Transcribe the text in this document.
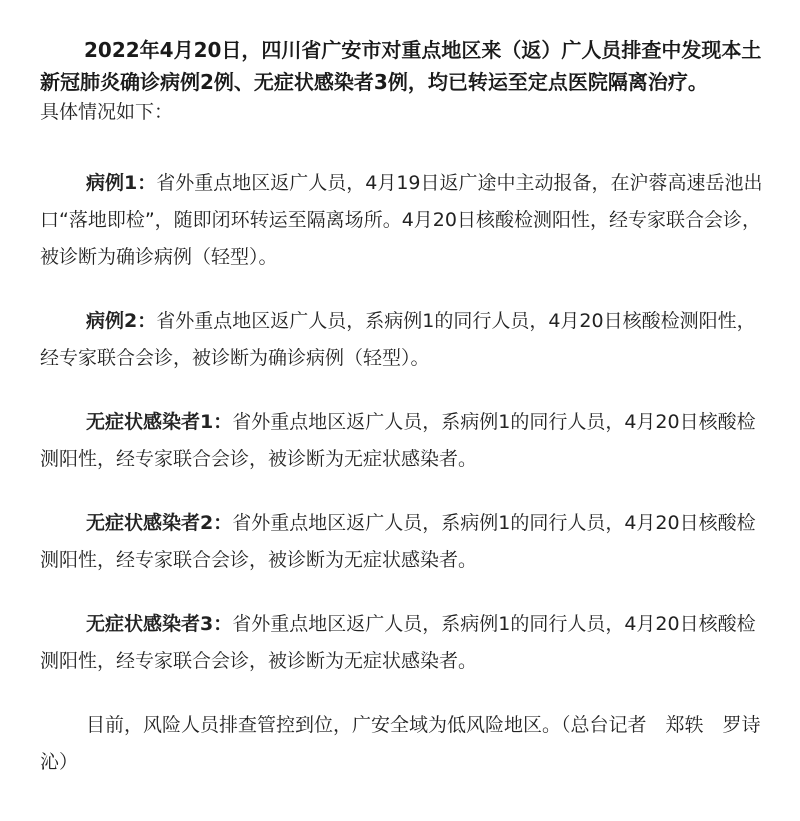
2022年4月20日，四川省广安市对重点地区来（返）广人员排查中发现本土新冠肺炎确诊病例2例、无症状感染者3例，均已转运至定点医院隔离治疗。

具体情况如下：

病例1：省外重点地区返广人员，4月19日返广途中主动报备，在沪蓉高速岳池出口“落地即检”，随即闭环转运至隔离场所。4月20日核酸检测阳性，经专家联合会诊，被诊断为确诊病例（轻型）。

病例2：省外重点地区返广人员，系病例1的同行人员，4月20日核酸检测阳性，经专家联合会诊，被诊断为确诊病例（轻型）。

无症状感染者1：省外重点地区返广人员，系病例1的同行人员，4月20日核酸检测阳性，经专家联合会诊，被诊断为无症状感染者。

无症状感染者2：省外重点地区返广人员，系病例1的同行人员，4月20日核酸检测阳性，经专家联合会诊，被诊断为无症状感染者。

无症状感染者3：省外重点地区返广人员，系病例1的同行人员，4月20日核酸检测阳性，经专家联合会诊，被诊断为无症状感染者。

目前，风险人员排查管控到位，广安全域为低风险地区。（总台记者　郑轶　罗诗沁）
